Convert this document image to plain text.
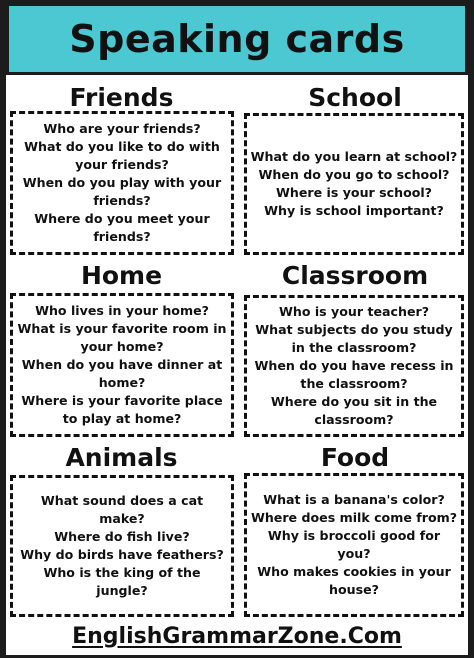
Speaking cards
Friends
Who are your friends?
What do you like to do with your friends?
When do you play with your friends?
Where do you meet your friends?
School
What do you learn at school?
When do you go to school?
Where is your school?
Why is school important?
Home
Who lives in your home?
What is your favorite room in your home?
When do you have dinner at home?
Where is your favorite place to play at home?
Classroom
Who is your teacher?
What subjects do you study in the classroom?
When do you have recess in the classroom?
Where do you sit in the classroom?
Animals
What sound does a cat make?
Where do fish live?
Why do birds have feathers?
Who is the king of the jungle?
Food
What is a banana's color?
Where does milk come from?
Why is broccoli good for you?
Who makes cookies in your house?
EnglishGrammarZone.Com
